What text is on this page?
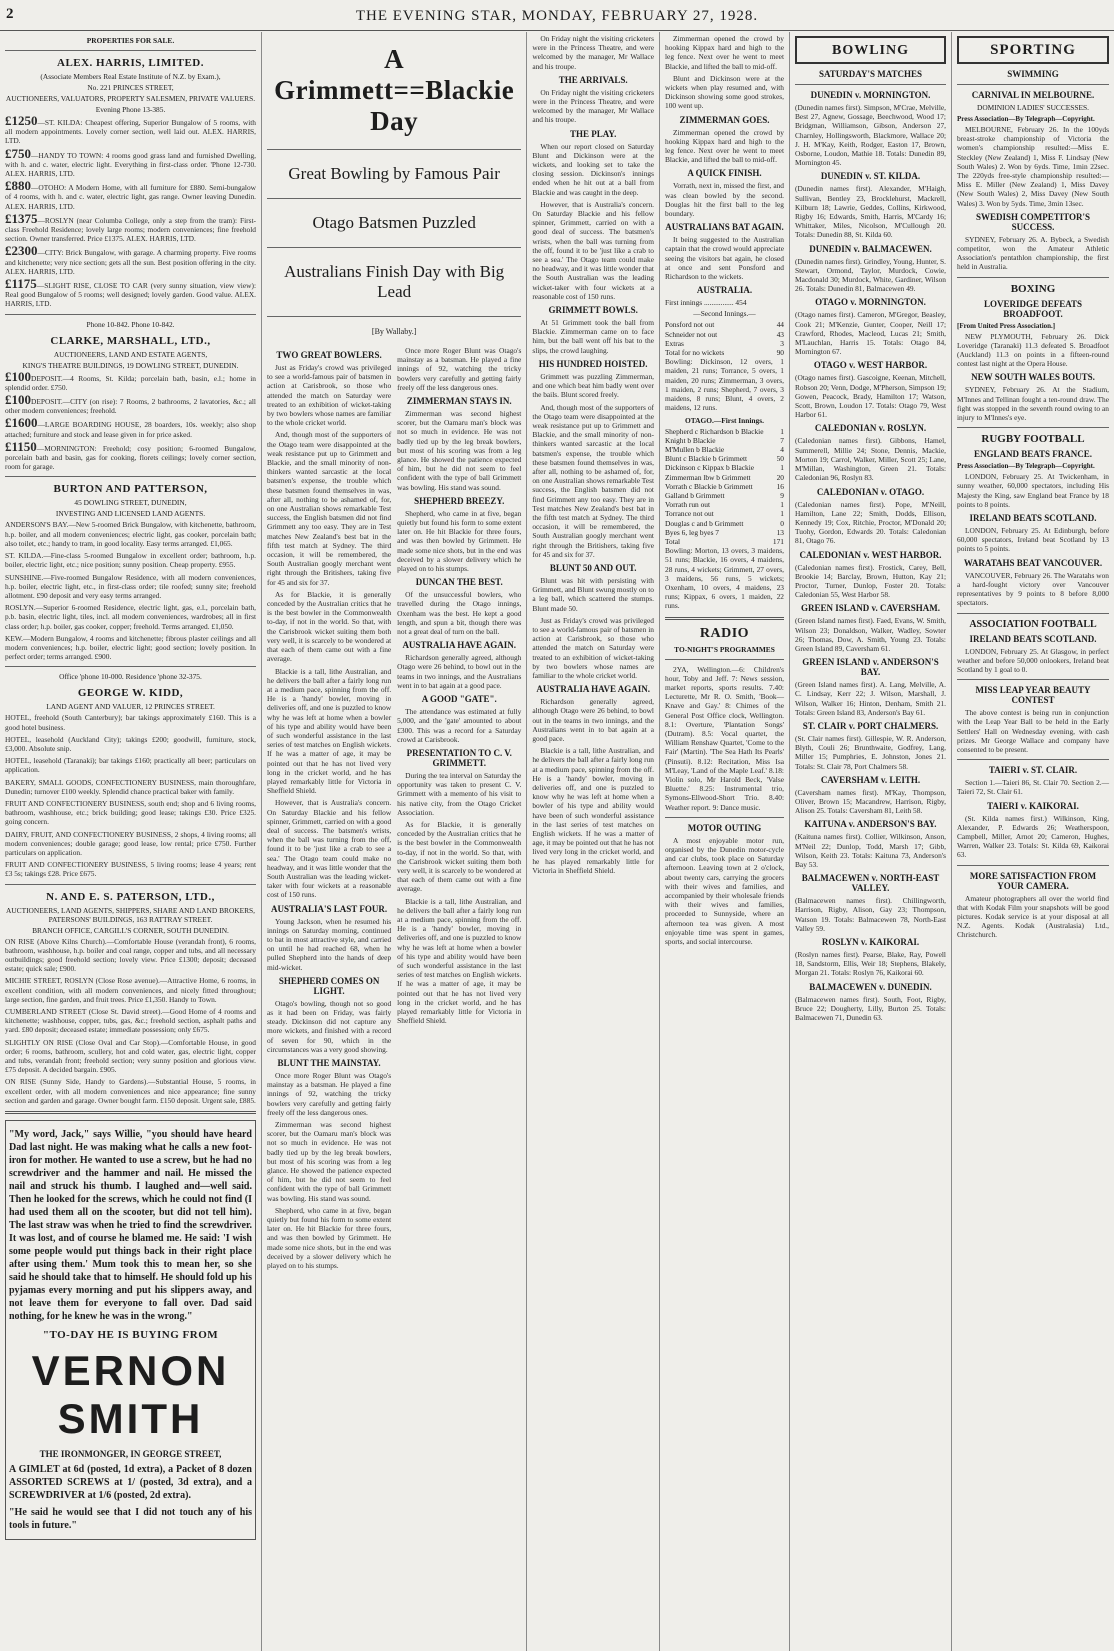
2	THE EVENING STAR, MONDAY, FEBRUARY 27, 1928.
PROPERTIES FOR SALE.
ALEX. HARRIS, LIMITED.
(Associate Members Real Estate Institute of N.Z. by Exam.),
No. 221 PRINCES STREET,
AUCTIONEERS, VALUATORS, PROPERTY SALESMEN, PRIVATE VALUERS.
Evening Phone 13-385.

£1250—ST. KILDA: Cheapest offering, Superior Bungalow of 5 rooms, with all modern appointments. Lovely corner section, well laid out. ALEX. HARRIS, LTD.

£750—HANDY TO TOWN: 4 rooms good grass land and furnished Dwelling, with h. and c. water, electric light. Everything in first-class order. 'Phone 12-730. ALEX. HARRIS, LTD.

£880—OTOHO: A Modern Home, with all furniture for £880. Semi-bungalow of 4 rooms, with h. and c. water, electric light, gas range. Owner leaving Dunedin. ALEX. HARRIS, LTD.

£1375—ROSLYN (near Columba College, only a step from the tram): First-class Freehold Residence; lovely large rooms; modern conveniences; fine freehold section. Owner transferred. Price £1375. ALEX. HARRIS, LTD.

£2300—CITY: Brick Bungalow, with garage. A charming property. Five rooms and kitchenette; very nice section; gets all the sun. Best position offering in the city. ALEX. HARRIS, LTD.

£1175—SLIGHT RISE, CLOSE TO CAR (very sunny situation, view view): Real good Bungalow of 5 rooms; well designed; lovely garden. Good value. ALEX. HARRIS, LTD.

Phone 10-842. Phone 10-842.
CLARKE, MARSHALL, LTD.,
AUCTIONEERS, LAND AND ESTATE AGENTS,
KING'S THEATRE BUILDINGS, 19 DOWLING STREET, DUNEDIN.

£100DEPOSIT.—4 Rooms, St. Kilda; porcelain bath, basin, e.l.; home in splendid order. £750.

£100DEPOSIT.—CITY (on rise): 7 Rooms, 2 bathrooms, 2 lavatories, &c.; all other modern conveniences; freehold.

£1600—LARGE BOARDING HOUSE, 28 boarders, 10s. weekly; also shop attached; furniture and stock and lease given in for price asked.

£1150—MORNINGTON: Freehold; cosy position; 6-roomed Bungalow, porcelain bath and basin, gas for cooking, florets ceilings; lovely corner section, room for garage.

BURTON AND PATTERSON,
45 DOWLING STREET, DUNEDIN,
INVESTING AND LICENSED LAND AGENTS.

ANDERSON'S BAY.—New 5-roomed Brick Bungalow, with kitchenette, bathroom, h.p. boiler, and all modern conveniences; electric light, gas cooker, porcelain bath; also toilet, etc.; handy to tram, in good locality. Easy terms arranged. £1,065.

ST. KILDA.—Fine-class 5-roomed Bungalow in excellent order; bathroom, h.p. boiler, electric light, etc.; nice position; sunny position. Cheap property. £955.

SUNSHINE.—Five-roomed Bungalow Residence, with all modern conveniences, h.p. boiler, electric light, etc., in first-class order; tile roofed; sunny site; freehold allotment. £90 deposit and very easy terms arranged.

ROSLYN.—Superior 6-roomed Residence, electric light, gas, e.l., porcelain bath, p.b. basin, electric light, tiles, incl. all modern conveniences, wardrobes; all in first class order; h.p. boiler, gas cooker, copper; freehold. Terms arranged. £1,050.

KEW.—Modern Bungalow, 4 rooms and kitchenette; fibrous plaster ceilings and all modern conveniences; h.p. boiler, electric light; good section; lovely position. In perfect order; terms arranged. £900.

Office 'phone 10-000. Residence 'phone 32-375.
GEORGE W. KIDD,
LAND AGENT AND VALUER, 12 PRINCES STREET.

HOTEL, freehold (South Canterbury); bar takings approximately £160. This is a good hotel business.

HOTEL, leasehold (Auckland City); takings £200; goodwill, furniture, stock, £3,000. Absolute snip.

HOTEL, leasehold (Taranaki); bar takings £160; practically all beer; particulars on application.

BAKERY, SMALL GOODS, CONFECTIONERY BUSINESS, main thoroughfare, Dunedin; turnover £100 weekly. Splendid chance practical baker with family.

FRUIT AND CONFECTIONERY BUSINESS, south end; shop and 6 living rooms, bathroom, washhouse, etc.; brick building; good lease; takings £30. Price £325. going concern.

DAIRY, FRUIT, AND CONFECTIONERY BUSINESS, 2 shops, 4 living rooms; all modern conveniences; double garage; good lease, low rental; price £750. Further particulars on application.

FRUIT AND CONFECTIONERY BUSINESS, 5 living rooms; lease 4 years; rent £3 5s; takings £28. Price £675.

N. AND E. S. PATERSON, LTD.,
AUCTIONEERS, LAND AGENTS, SHIPPERS, SHARE AND LAND BROKERS, PATERSONS' BUILDINGS, 163 RATTRAY STREET.
BRANCH OFFICE, CARGILL'S CORNER, SOUTH DUNEDIN.

ON RISE (Above Kilns Church).—Comfortable House (verandah front), 6 rooms, bathroom, washhouse, h.p. boiler and coal range, copper and tubs, and all necessary outbuildings; good freehold section; lovely view. Price £1300; deposit; deceased estate; quick sale; £900.

MICHIE STREET, ROSLYN (Close Rose avenue).—Attractive Home, 6 rooms, in excellent condition, with all modern conveniences, and nicely fitted throughout; large section, fine garden, and fruit trees. Price £1,350. Handy to Town.

CUMBERLAND STREET (Close St. David street).—Good Home of 4 rooms and kitchenette; washhouse, copper, tubs, gas, &c.; freehold section, asphalt paths and yard. £80 deposit; deceased estate; immediate possession; only £675.

SLIGHTLY ON RISE (Close Oval and Car Stop).—Comfortable House, in good order; 6 rooms, bathroom, scullery, hot and cold water, gas, electric light, copper and tubs, verandah front; freehold section; very sunny position and glorious view. £75 deposit. A decided bargain. £905.

ON RISE (Sunny Side, Handy to Gardens).—Substantial House, 5 rooms, in excellent order, with all modern conveniences and nice appearance; fine sunny section and garden and garage. Owner bought farm. £150 deposit. Urgent sale, £885.

"My word, Jack," says Willie, "you should have heard Dad last night. He was making what he calls a new foot-iron for mother. He wanted to use a screw, but he had no screwdriver and the hammer and nail. He missed the nail and struck his thumb. I laughed and—well said. Then he looked for the screws, which he could not find (I had used them all on the scooter, but did not tell him). The last straw was when he tried to find the screwdriver. It was lost, and of course he blamed me. He said: 'I wish some people would put things back in their right place after using them.' Mum took this to mean her, so she said he should take that to himself. He should fold up his pyjamas every morning and put his slippers away, and not leave them for everyone to fall over. Dad said nothing, for he knew he was in the wrong."
"TO-DAY HE IS BUYING FROM
VERNON SMITH
THE IRONMONGER, IN GEORGE STREET,
A GIMLET at 6d (posted, 1d extra), a Packet of 8 dozen ASSORTED SCREWS at 1/ (posted, 3d extra), and a SCREWDRIVER at 1/6 (posted, 2d extra).
"He said he would see that I did not touch any of his tools in future."
A Grimmett==Blackie Day
Great Bowling by Famous Pair
Otago Batsmen Puzzled
Australians Finish Day with Big Lead
[By Wallaby.]
TWO GREAT BOWLERS.

Just as Friday's crowd was privileged to see a world-famous pair of batsmen in action at Carisbrook, so those who attended the match on Saturday were treated to an exhibition of wicket-taking by two bowlers whose names are familiar to the whole cricket world.

And, though most of the supporters of the Otago team were disappointed at the weak resistance put up to Grimmett and Blackie, and the small minority of non-thinkers wanted sarcastic at the local batsmen's expense, the trouble which these batsmen found themselves in was, after all, nothing to be ashamed of, for, on one Australian shows remarkable Test success, the English batsmen did not find Grimmett any too easy. They are in Test matches New Zealand's best bat in the fifth test match at Sydney. The third occasion, it will be remembered, the South Australian googly merchant went right through the Britishers, taking five for 45 and six for 37.

As for Blackie, it is generally conceded by the Australian critics that he is the best bowler in the Commonwealth to-day, if not in the world. So that, with the Carisbrook wicket suiting them both very well, it is scarcely to be wondered at that each of them came out with a fine average.

Blackie is a tall, lithe Australian, and he delivers the ball after a fairly long run at a medium pace, spinning from the off. He is a 'handy' bowler, moving in deliveries off, and one is puzzled to know why he was left at home when a bowler of his type and ability would have been of such wonderful assistance in the last series of test matches on English wickets. If he was a matter of age, it may be pointed out that he has not lived very long in the cricket world, and he has played remarkably little for Victoria in Sheffield Shield.

However, that is Australia's concern. On Saturday Blackie and his fellow spinner, Grimmett, carried on with a good deal of success. The batsmen's wrists, when the ball was turning from the off, found it to be 'just like a crab to see a sea.' The Otago team could make no headway, and it was little wonder that the South Australian was the leading wicket-taker with four wickets at a reasonable cost of 150 runs.

AUSTRALIA'S LAST FOUR.

Young Jackson, when he resumed his innings on Saturday morning, continued to bat in most attractive style, and carried on until he had reached 68, when he pulled Shepherd into the hands of deep mid-wicket.

SHEPHERD COMES ON LIGHT.

Otago's bowling, though not so good as it had been on Friday, was fairly steady. Dickinson did not capture any more wickets, and finished with a record of seven for 90, which in the circumstances was a very good showing.

BLUNT THE MAINSTAY.

Once more Roger Blunt was Otago's mainstay as a batsman. He played a fine innings of 92, watching the tricky bowlers very carefully and getting fairly freely off the less dangerous ones.

Zimmerman was second highest scorer, but the Oamaru man's block was not so much in evidence. He was not badly tied up by the leg break bowlers, but most of his scoring was from a leg glance. He showed the patience expected of him, but he did not seem to feel confident with the type of ball Grimmett was bowling. His stand was sound.

Shepherd, who came in at five, began quietly but found his form to some extent later on. He hit Blackie for three fours, and was then bowled by Grimmett. He made some nice shots, but in the end was deceived by a slower delivery which he played on to his stumps.

Once more Roger Blunt was Otago's mainstay as a batsman. He played a fine innings of 92, watching the tricky bowlers very carefully and getting fairly freely off the less dangerous ones.

ZIMMERMAN STAYS IN.

Zimmerman was second highest scorer, but the Oamaru man's block was not so much in evidence. He was not badly tied up by the leg break bowlers, but most of his scoring was from a leg glance. He showed the patience expected of him, but he did not seem to feel confident with the type of ball Grimmett was bowling. His stand was sound.

SHEPHERD BREEZY.

Shepherd, who came in at five, began quietly but found his form to some extent later on. He hit Blackie for three fours, and was then bowled by Grimmett. He made some nice shots, but in the end was deceived by a slower delivery which he played on to his stumps.

DUNCAN THE BEST.

Of the unsuccessful bowlers, who travelled during the Otago innings, Oxenham was the best. He kept a good length, and spun a bit, though there was not a great deal of turn on the ball.

AUSTRALIA HAVE AGAIN.

Richardson generally agreed, although Otago were 26 behind, to bowl out in the teams in two innings, and the Australians went in to bat again at a good pace.

A GOOD "GATE".

The attendance was estimated at fully 5,000, and the 'gate' amounted to about £300. This was a record for a Saturday crowd at Carisbrook.

PRESENTATION TO C. V. GRIMMETT.

During the tea interval on Saturday the opportunity was taken to present C. V. Grimmett with a memento of his visit to his native city, from the Otago Cricket Association.

As for Blackie, it is generally conceded by the Australian critics that he is the best bowler in the Commonwealth to-day, if not in the world. So that, with the Carisbrook wicket suiting them both very well, it is scarcely to be wondered at that each of them came out with a fine average.

Blackie is a tall, lithe Australian, and he delivers the ball after a fairly long run at a medium pace, spinning from the off. He is a 'handy' bowler, moving in deliveries off, and one is puzzled to know why he was left at home when a bowler of his type and ability would have been of such wonderful assistance in the last series of test matches on English wickets. If he was a matter of age, it may be pointed out that he has not lived very long in the cricket world, and he has played remarkably little for Victoria in Sheffield Shield.

On Friday night the visiting cricketers were in the Princess Theatre, and were welcomed by the manager, Mr Wallace and his troupe.

THE ARRIVALS.

On Friday night the visiting cricketers were in the Princess Theatre, and were welcomed by the manager, Mr Wallace and his troupe.

THE PLAY.

When our report closed on Saturday Blunt and Dickinson were at the wickets, and looking set to take the closing session. Dickinson's innings ended when he hit out at a ball from Blackie and was caught in the deep.

However, that is Australia's concern. On Saturday Blackie and his fellow spinner, Grimmett, carried on with a good deal of success. The batsmen's wrists, when the ball was turning from the off, found it to be 'just like a crab to see a sea.' The Otago team could make no headway, and it was little wonder that the South Australian was the leading wicket-taker with four wickets at a reasonable cost of 150 runs.

GRIMMETT BOWLS.

At 51 Grimmett took the ball from Blackie. Zimmerman came on to face him, but the ball went off his bat to the slips, the crowd laughing.

HIS HUNDRED HOISTED.

Grimmett was puzzling Zimmerman, and one which beat him badly went over the bails. Blunt scored freely.

And, though most of the supporters of the Otago team were disappointed at the weak resistance put up to Grimmett and Blackie, and the small minority of non-thinkers wanted sarcastic at the local batsmen's expense, the trouble which these batsmen found themselves in was, after all, nothing to be ashamed of, for, on one Australian shows remarkable Test success, the English batsmen did not find Grimmett any too easy. They are in Test matches New Zealand's best bat in the fifth test match at Sydney. The third occasion, it will be remembered, the South Australian googly merchant went right through the Britishers, taking five for 45 and six for 37.

BLUNT 50 AND OUT.

Blunt was hit with persisting with Grimmett, and Blunt swung mostly on to a leg ball, which scattered the stumps. Blunt made 50.

Just as Friday's crowd was privileged to see a world-famous pair of batsmen in action at Carisbrook, so those who attended the match on Saturday were treated to an exhibition of wicket-taking by two bowlers whose names are familiar to the whole cricket world.

AUSTRALIA HAVE AGAIN.

Richardson generally agreed, although Otago were 26 behind, to bowl out in the teams in two innings, and the Australians went in to bat again at a good pace.

Blackie is a tall, lithe Australian, and he delivers the ball after a fairly long run at a medium pace, spinning from the off. He is a 'handy' bowler, moving in deliveries off, and one is puzzled to know why he was left at home when a bowler of his type and ability would have been of such wonderful assistance in the last series of test matches on English wickets. If he was a matter of age, it may be pointed out that he has not lived very long in the cricket world, and he has played remarkably little for Victoria in Sheffield Shield.

Zimmerman opened the crowd by hooking Kippax hard and high to the leg fence. Next over he went to meet Blackie, and lifted the ball to mid-off.

Blunt and Dickinson were at the wickets when play resumed and, with Dickinson showing some good strokes, 100 went up.

ZIMMERMAN GOES.

Zimmerman opened the crowd by hooking Kippax hard and high to the leg fence. Next over he went to meet Blackie, and lifted the ball to mid-off.

A QUICK FINISH.

Vorrath, next in, missed the first, and was clean bowled by the second. Douglas hit the first ball to the leg boundary.

AUSTRALIANS BAT AGAIN.

It being suggested to the Australian captain that the crowd would appreciate seeing the visitors bat again, he closed at once and sent Ponsford and Richardson to the wickets.

AUSTRALIA.
First innings ................ 454
—Second Innings.—
Ponsford not out	44
Schneider not out	43
Extras	3
Total for no wickets	90

Bowling: Dickinson, 12 overs, 1 maiden, 21 runs; Torrance, 5 overs, 1 maiden, 20 runs; Zimmerman, 3 overs, 1 maiden, 2 runs; Shepherd, 7 overs, 3 maidens, 8 runs; Blunt, 4 overs, 2 maidens, 12 runs.

OTAGO.—First Innings.
Shepherd c Richardson b Blackie 1
Knight b Blackie	7
M'Mullen b Blackie	4
Blunt c Blackie b Grimmett	50
Dickinson c Kippax b Blackie	1
Zimmerman lbw b Grimmett	20
Vorrath c Blackie b Grimmett	16
Galland b Grimmett	9
Vorrath run out	1
Torrance not out	1
Douglas c and b Grimmett	0
Byes 6, leg byes 7	13
Total	171

Bowling: Morton, 13 overs, 3 maidens, 51 runs; Blackie, 16 overs, 4 maidens, 28 runs, 4 wickets; Grimmett, 27 overs, 3 maidens, 56 runs, 5 wickets; Oxenham, 10 overs, 4 maidens, 23 runs; Kippax, 6 overs, 1 maiden, 22 runs.

RADIO
TO-NIGHT'S PROGRAMMES

2YA, Wellington.—6: Children's hour, Toby and Jeff. 7: News session, market reports, sports results. 7.40: Lecturette, Mr R. O. Smith, 'Book—Knave and Gay.' 8: Chimes of the General Post Office clock, Wellington. 8.1: Overture, 'Plantation Songs' (Dutram). 8.5: Vocal quartet, the William Renshaw Quartet, 'Come to the Fair' (Martin). 'The Sea Hath Its Pearls' (Pinsuti). 8.12: Recitation, Miss Isa M'Leay, 'Land of the Maple Leaf.' 8.18: Violin solo, Mr Harold Beck, 'Valse Bluette.' 8.25: Instrumental trio, Symons-Ellwood-Short Trio. 8.40: Weather report. 9: Dance music.

MOTOR OUTING

A most enjoyable motor run, organised by the Dunedin motor-cycle and car clubs, took place on Saturday afternoon. Leaving town at 2 o'clock, about twenty cars, carrying the grocers with their wives and families, and accompanied by their wholesale friends with their wives and families, proceeded to Sunnyside, where an afternoon tea was given. A most enjoyable time was spent in games, sports, and social intercourse.

BOWLING
SATURDAY'S MATCHES
DUNEDIN v. MORNINGTON.

(Dunedin names first). Simpson, M'Crae, Melville, Best 27, Agnew, Gossage, Beechwood, Wood 17; Bridgman, Williamson, Gibson, Anderson 27, Charnley, Hollingsworth, Blackmore, Wallace 20; J. H. M'Kay, Keith, Rodger, Easton 17, Brown, Osborne, Loudon, Mathie 18. Totals: Dunedin 89, Mornington 45.

DUNEDIN v. ST. KILDA.

(Dunedin names first). Alexander, M'Haigh, Sullivan, Bentley 23, Brocklehurst, Mackrell, Kilburn 18; Lawrie, Geddes, Collins, Kirkwood, Rigby 16; Edwards, Smith, Harris, M'Cardy 16; Whittaker, Miles, Nicolson, M'Cullough 20. Totals: Dunedin 88, St. Kilda 60.

DUNEDIN v. BALMACEWEN.

(Dunedin names first). Grindley, Young, Hunter, S. Stewart, Ormond, Taylor, Murdock, Cowie, Macdonald 30; Murdock, White, Gardiner, Wilson 26. Totals: Dunedin 81, Balmacewen 49.

OTAGO v. MORNINGTON.

(Otago names first). Cameron, M'Gregor, Beasley, Cook 21; M'Kenzie, Gunter, Cooper, Neill 17; Crawford, Rhodes, Macleod, Lucas 21; Smith, M'Lauchlan, Harris 15. Totals: Otago 84, Mornington 67.

OTAGO v. WEST HARBOR.

(Otago names first). Gascoigne, Keenan, Mitchell, Robson 20; Venn, Dodge, M'Pherson, Simpson 19; Gowen, Peacock, Brady, Hamilton 17; Watson, Scott, Brown, Loudon 17. Totals: Otago 79, West Harbor 61.

CALEDONIAN v. ROSLYN.

(Caledonian names first). Gibbons, Hamel, Summerell, Millie 24; Stone, Dennis, Mackie, Morton 19; Carrol, Walker, Miller, Scott 25; Lane, M'Millan, Washington, Green 21. Totals: Caledonian 96, Roslyn 83.

CALEDONIAN v. OTAGO.

(Caledonian names first). Pope, M'Neill, Hamilton, Lane 22; Smith, Dodds, Ellison, Kennedy 19; Cox, Ritchie, Proctor, M'Donald 20; Tuohy, Gordon, Edwards 20. Totals: Caledonian 81, Otago 76.

CALEDONIAN v. WEST HARBOR.

(Caledonian names first). Frostick, Carey, Bell, Brookie 14; Barclay, Brown, Hutton, Kay 21; Proctor, Turner, Dunlop, Foster 20. Totals: Caledonian 55, West Harbor 58.

GREEN ISLAND v. CAVERSHAM.

(Green Island names first). Faed, Evans, W. Smith, Wilson 23; Donaldson, Walker, Wadley, Sowter 26; Thomas, Dow, A. Smith, Young 23. Totals: Green Island 89, Caversham 61.

GREEN ISLAND v. ANDERSON'S BAY.

(Green Island names first). A. Lang, Melville, A. C. Lindsay, Kerr 22; J. Wilson, Marshall, J. Wilson, Walker 16; Hinton, Denham, Smith 21. Totals: Green Island 83, Anderson's Bay 61.

ST. CLAIR v. PORT CHALMERS.

(St. Clair names first). Gillespie, W. R. Anderson, Blyth, Couli 26; Brunthwaite, Godfrey, Lang, Miller 15; Pumphries, E. Johnston, Jones 21. Totals: St. Clair 78, Port Chalmers 58.

CAVERSHAM v. LEITH.

(Caversham names first). M'Kay, Thompson, Oliver, Brown 15; Macandrew, Harrison, Rigby, Alison 25. Totals: Caversham 81, Leith 58.

KAITUNA v. ANDERSON'S BAY.

(Kaituna names first). Collier, Wilkinson, Anson, M'Neil 22; Dunlop, Todd, Marsh 17; Gibb, Wilson, Keith 23. Totals: Kaituna 73, Anderson's Bay 53.

BALMACEWEN v. NORTH-EAST VALLEY.

(Balmacewen names first). Chillingworth, Harrison, Rigby, Alison, Gay 23; Thompson, Watson 19. Totals: Balmacewen 78, North-East Valley 59.

ROSLYN v. KAIKORAI.

(Roslyn names first). Pearse, Blake, Ray, Powell 18, Sandstorm, Ellis, Weir 18; Stephens, Blakely, Morgan 21. Totals: Roslyn 76, Kaikorai 60.

BALMACEWEN v. DUNEDIN.

(Balmacewen names first). South, Foot, Rigby, Bruce 22; Dougherty, Lilly, Burton 25. Totals: Balmacewen 71, Dunedin 63.

SPORTING
SWIMMING
CARNIVAL IN MELBOURNE.
DOMINION LADIES' SUCCESSES.
Press Association—By Telegraph—Copyright.

MELBOURNE, February 26. In the 100yds breast-stroke championship of Victoria the women's championship resulted:—Miss E. Steckley (New Zealand) 1, Miss F. Lindsay (New South Wales) 2. Won by 6yds. Time, 1min 22sec. The 220yds free-style championship resulted:—Miss E. Miller (New Zealand) 1, Miss Davey (New South Wales) 2, Miss Davey (New South Wales) 3. Won by 5yds. Time, 3min 13sec.

SWEDISH COMPETITOR'S SUCCESS.

SYDNEY, February 26. A. Bybeck, a Swedish competitor, won the Amateur Athletic Association's pentathlon championship, the first held in Australia.

BOXING
LOVERIDGE DEFEATS BROADFOOT.
[From United Press Association.]

NEW PLYMOUTH, February 26. Dick Loveridge (Taranaki) 11.3 defeated S. Broadfoot (Auckland) 11.3 on points in a fifteen-round contest last night at the Opera House.

NEW SOUTH WALES BOUTS.

SYDNEY, February 26. At the Stadium, M'Innes and Tellinan fought a ten-round draw. The fight was stopped in the seventh round owing to an injury to M'Innes's eye.

RUGBY FOOTBALL
ENGLAND BEATS FRANCE.
Press Association—By Telegraph—Copyright.

LONDON, February 25. At Twickenham, in sunny weather, 60,000 spectators, including His Majesty the King, saw England beat France by 18 points to 8 points.

IRELAND BEATS SCOTLAND.

LONDON, February 25. At Edinburgh, before 60,000 spectators, Ireland beat Scotland by 13 points to 5 points.

WARATAHS BEAT VANCOUVER.

VANCOUVER, February 26. The Waratahs won a hard-fought victory over Vancouver representatives by 9 points to 8 before 8,000 spectators.

ASSOCIATION FOOTBALL
IRELAND BEATS SCOTLAND.

LONDON, February 25. At Glasgow, in perfect weather and before 50,000 onlookers, Ireland beat Scotland by 1 goal to 0.

MISS LEAP YEAR BEAUTY CONTEST

The above contest is being run in conjunction with the Leap Year Ball to be held in the Early Settlers' Hall on Wednesday evening, with cash prizes. Mr George Wallace and company have consented to be present.

TAIERI v. ST. CLAIR.

Section 1.—Taieri 86, St. Clair 70. Section 2.—Taieri 72, St. Clair 61.

TAIERI v. KAIKORAI.

(St. Kilda names first.) Wilkinson, King, Alexander, P. Edwards 26; Weatherspoon, Campbell, Miller, Arnot 20; Cameron, Hughes, Warren, Walker 23. Totals: St. Kilda 69, Kaikorai 63.

MORE SATISFACTION FROM YOUR CAMERA.

Amateur photographers all over the world find that with Kodak Film your snapshots will be good pictures. Kodak service is at your disposal at all N.Z. Agents. Kodak (Australasia) Ltd., Christchurch.
